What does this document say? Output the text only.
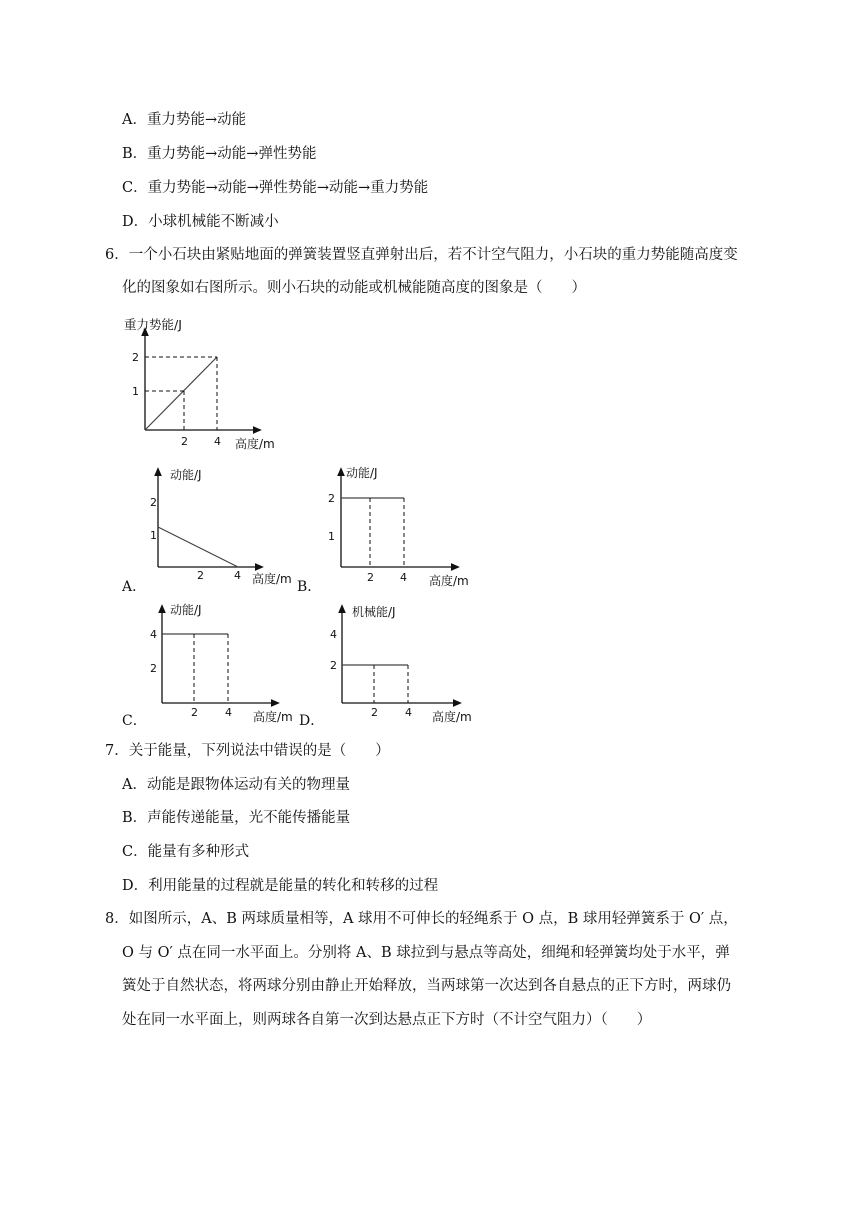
A．重力势能→动能
B．重力势能→动能→弹性势能
C．重力势能→动能→弹性势能→动能→重力势能
D．小球机械能不断减小
6．一个小石块由紧贴地面的弹簧装置竖直弹射出后，若不计空气阻力，小石块的重力势能随高度变
化的图象如右图所示。则小石块的动能或机械能随高度的图象是（　　）
重力势能/J
2
1
2 4 高度/m
A．
动能/J
2
1
2	4 高度/m B．
动能/J
2
1
2 4 高度/m
C．
动能/J
4
2
2 4 高度/m D．
机械能/J
4
2
2 4 高度/m
7．关于能量，下列说法中错误的是（　　）
A．动能是跟物体运动有关的物理量
B．声能传递能量，光不能传播能量
C．能量有多种形式
D．利用能量的过程就是能量的转化和转移的过程
8．如图所示，A、B 两球质量相等，A 球用不可伸长的轻绳系于 O 点，B 球用轻弹簧系于 O′ 点，
O 与 O′ 点在同一水平面上。分别将 A、B 球拉到与悬点等高处，细绳和轻弹簧均处于水平，弹
簧处于自然状态，将两球分别由静止开始释放，当两球第一次达到各自悬点的正下方时，两球仍
处在同一水平面上，则两球各自第一次到达悬点正下方时（不计空气阻力）（　　）
